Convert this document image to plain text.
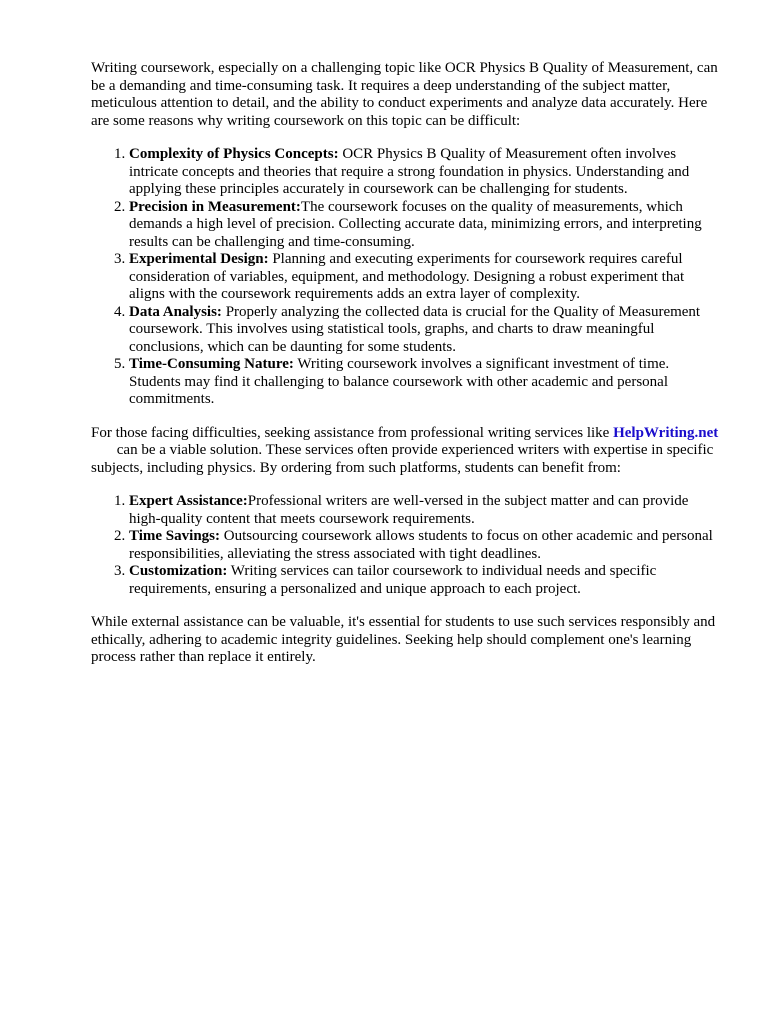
Writing coursework, especially on a challenging topic like OCR Physics B Quality of Measurement, can be a demanding and time-consuming task. It requires a deep understanding of the subject matter, meticulous attention to detail, and the ability to conduct experiments and analyze data accurately. Here are some reasons why writing coursework on this topic can be difficult:

1. Complexity of Physics Concepts: OCR Physics B Quality of Measurement often involves intricate concepts and theories that require a strong foundation in physics. Understanding and applying these principles accurately in coursework can be challenging for students.
2. Precision in Measurement:The coursework focuses on the quality of measurements, which demands a high level of precision. Collecting accurate data, minimizing errors, and interpreting results can be challenging and time-consuming.
3. Experimental Design: Planning and executing experiments for coursework requires careful consideration of variables, equipment, and methodology. Designing a robust experiment that aligns with the coursework requirements adds an extra layer of complexity.
4. Data Analysis: Properly analyzing the collected data is crucial for the Quality of Measurement coursework. This involves using statistical tools, graphs, and charts to draw meaningful conclusions, which can be daunting for some students.
5. Time-Consuming Nature: Writing coursework involves a significant investment of time. Students may find it challenging to balance coursework with other academic and personal commitments.

For those facing difficulties, seeking assistance from professional writing services like HelpWriting.net can be a viable solution. These services often provide experienced writers with expertise in specific subjects, including physics. By ordering from such platforms, students can benefit from:

1. Expert Assistance:Professional writers are well-versed in the subject matter and can provide high-quality content that meets coursework requirements.
2. Time Savings: Outsourcing coursework allows students to focus on other academic and personal responsibilities, alleviating the stress associated with tight deadlines.
3. Customization: Writing services can tailor coursework to individual needs and specific requirements, ensuring a personalized and unique approach to each project.

While external assistance can be valuable, it's essential for students to use such services responsibly and ethically, adhering to academic integrity guidelines. Seeking help should complement one's learning process rather than replace it entirely.
